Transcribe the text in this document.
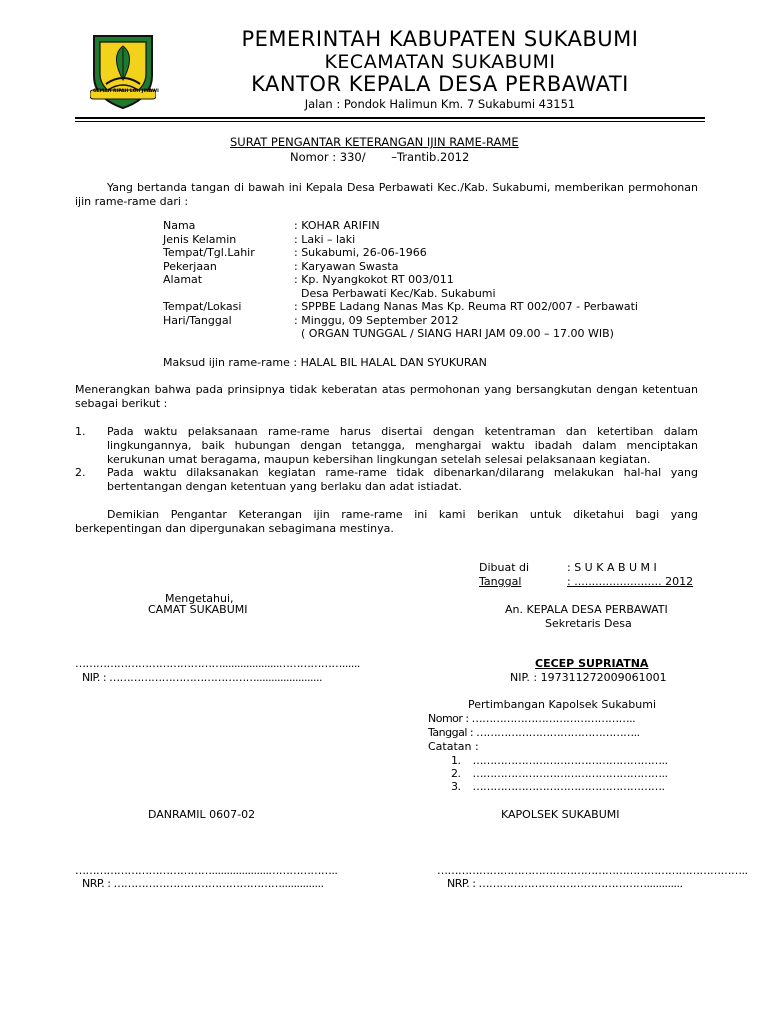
GEMAH RIPAH LOH JINAWI
PEMERINTAH KABUPATEN SUKABUMI
KECAMATAN SUKABUMI
KANTOR KEPALA DESA PERBAWATI
Jalan : Pondok Halimun Km. 7 Sukabumi 43151
SURAT PENGANTAR KETERANGAN IJIN RAME-RAME
Nomor : 330/       –Trantib.2012
Yang bertanda tangan di bawah ini Kepala Desa Perbawati Kec./Kab. Sukabumi, memberikan permohonan ijin rame-rame dari :
Nama	: KOHAR ARIFIN
Jenis Kelamin	: Laki – laki
Tempat/Tgl.Lahir	: Sukabumi, 26-06-1966
Pekerjaan	: Karyawan Swasta
Alamat	: Kp. Nyangkokot RT 003/011
Desa Perbawati Kec/Kab. Sukabumi
Tempat/Lokasi	: SPPBE Ladang Nanas Mas Kp. Reuma RT 002/007 - Perbawati
Hari/Tanggal	: Minggu, 09 September 2012
( ORGAN TUNGGAL / SIANG HARI JAM 09.00 – 17.00 WIB)
Maksud ijin rame-rame : HALAL BIL HALAL DAN SYUKURAN
Menerangkan bahwa pada prinsipnya tidak keberatan atas permohonan yang bersangkutan dengan ketentuan sebagai berikut :
1. Pada waktu pelaksanaan rame-rame harus disertai dengan ketentraman dan ketertiban dalam lingkungannya, baik hubungan dengan tetangga, menghargai waktu ibadah dalam menciptakan kerukunan umat beragama, maupun kebersihan lingkungan setelah selesai pelaksanaan kegiatan.
2. Pada waktu dilaksanakan kegiatan rame-rame tidak dibenarkan/dilarang melakukan hal-hal yang bertentangan dengan ketentuan yang berlaku dan adat istiadat.
Demikian Pengantar Keterangan ijin rame-rame ini kami berikan untuk diketahui bagi yang berkepentingan dan dipergunakan sebagimana mestinya.
Dibuat di	: S U K A B U M I
Tanggal	: ......................... 2012
Mengetahui,
CAMAT SUKABUMI	An. KEPALA DESA PERBAWATI
Sekretaris Desa
……………………………………...................………………......
NIP. : ……………………………………......................
CECEP SUPRIATNA
NIP. : 197311272009061001
Pertimbangan Kapolsek Sukabumi
Nomor : ………………………………………..
Tanggal : ………………………………………..
Catatan :
1.    ………………………………………………..
2.    ………………………………………………..
3.    ……………………………………………….
DANRAMIL 0607-02	KAPOLSEK SUKABUMI
…………………………………...................………………..
NRP. : …………………………………………..............
……………………………………………………………………………..
NRP. : …………………………………………............
